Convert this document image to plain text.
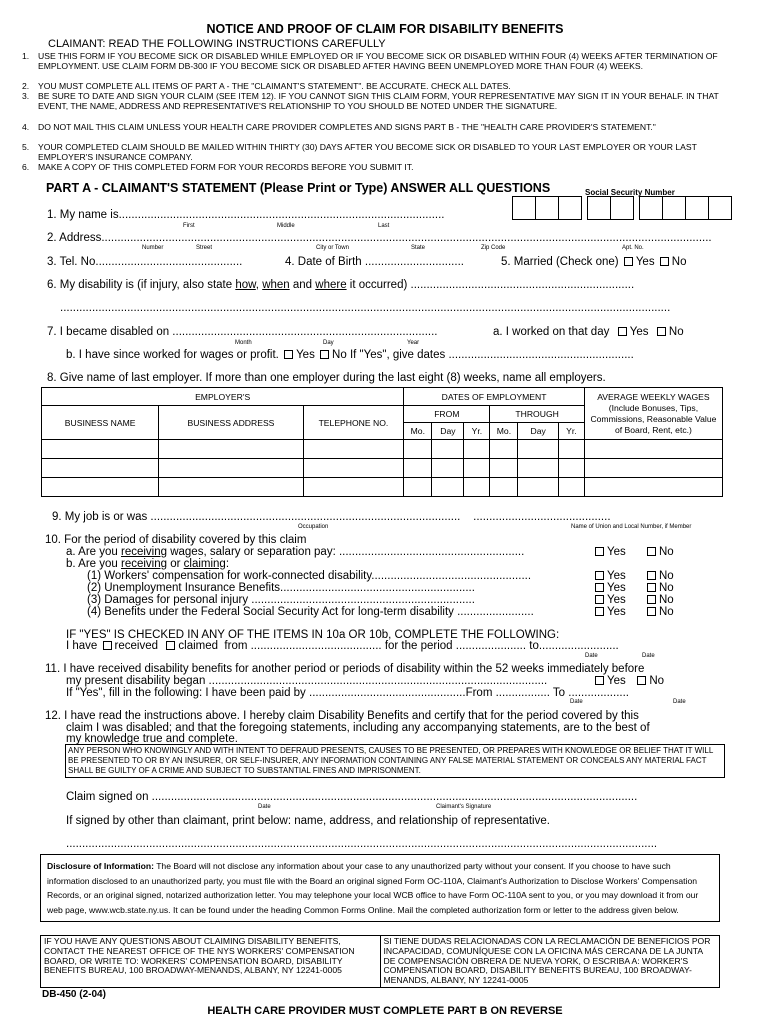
NOTICE AND PROOF OF CLAIM FOR DISABILITY BENEFITS
CLAIMANT: READ THE FOLLOWING INSTRUCTIONS CAREFULLY
1. USE THIS FORM IF YOU BECOME SICK OR DISABLED WHILE EMPLOYED OR IF YOU BECOME SICK OR DISABLED WITHIN FOUR (4) WEEKS AFTER TERMINATION OF EMPLOYMENT. USE CLAIM FORM DB-300 IF YOU BECOME SICK OR DISABLED AFTER HAVING BEEN UNEMPLOYED MORE THAN FOUR (4) WEEKS.
2. YOU MUST COMPLETE ALL ITEMS OF PART A - THE "CLAIMANT'S STATEMENT". BE ACCURATE. CHECK ALL DATES.
3. BE SURE TO DATE AND SIGN YOUR CLAIM (SEE ITEM 12). IF YOU CANNOT SIGN THIS CLAIM FORM, YOUR REPRESENTATIVE MAY SIGN IT IN YOUR BEHALF. IN THAT EVENT, THE NAME, ADDRESS AND REPRESENTATIVE'S RELATIONSHIP TO YOU SHOULD BE NOTED UNDER THE SIGNATURE.
4. DO NOT MAIL THIS CLAIM UNLESS YOUR HEALTH CARE PROVIDER COMPLETES AND SIGNS PART B - THE "HEALTH CARE PROVIDER'S STATEMENT."
5. YOUR COMPLETED CLAIM SHOULD BE MAILED WITHIN THIRTY (30) DAYS AFTER YOU BECOME SICK OR DISABLED TO YOUR LAST EMPLOYER OR YOUR LAST EMPLOYER'S INSURANCE COMPANY.
6. MAKE A COPY OF THIS COMPLETED FORM FOR YOUR RECORDS BEFORE YOU SUBMIT IT.
PART A - CLAIMANT'S STATEMENT (Please Print or Type) ANSWER ALL QUESTIONS	Social Security Number
1. My name is......................................................................................................
First	Middle	Last
2. Address...............................................................................................................................................................................................
Number	Street	City or Town	State	Zip Code	Apt. No.
3. Tel. No..............................................	4. Date of Birth ...............................	5. Married (Check one) Yes No
6. My disability is (if injury, also state how, when and where it occurred) ......................................................................
...............................................................................................................................................................................................
7. I became disabled on ...................................................................................
Month	Day	Year
a. I worked on that day Yes No
b. I have since worked for wages or profit. Yes No If "Yes", give dates ..........................................................
8. Give name of last employer. If more than one employer during the last eight (8) weeks, name all employers.
EMPLOYER'S			DATES OF EMPLOYMENT						AVERAGE WEEKLY WAGES
(Include Bonuses, Tips, Commissions, Reasonable Value of Board, Rent, etc.)
BUSINESS NAME	BUSINESS ADDRESS	TELEPHONE NO.	FROM			THROUGH			
			Mo.	Day	Yr.	Mo.	Day	Yr.	

9. My job is or was .................................................................................................    ...........................................
Occupation	Name of Union and Local Number, if Member
10. For the period of disability covered by this claim
a. Are you receiving wages, salary or separation pay: ..........................................................	Yes	No
b. Are you receiving or claiming:
(1) Workers' compensation for work-connected disability..................................................	Yes	No
(2) Unemployment Insurance Benefits.............................................................	Yes	No
(3) Damages for personal injury ......................................................................	Yes	No
(4) Benefits under the Federal Social Security Act for long-term disability ........................	Yes	No
IF "YES" IS CHECKED IN ANY OF THE ITEMS IN 10a OR 10b, COMPLETE THE FOLLOWING:
I have received claimed from ......................................... for the period ...................... to.........................
Date	Date
11. I have received disability benefits for another period or periods of disability within the 52 weeks immediately before
my present disability began ..........................................................................................................	Yes No
If "Yes", fill in the following: I have been paid by .................................................From ................. To ...................
Date	Date
12. I have read the instructions above. I hereby claim Disability Benefits and certify that for the period covered by this
claim I was disabled; and that the foregoing statements, including any accompanying statements, are to the best of
my knowledge true and complete.
ANY PERSON WHO KNOWINGLY AND WITH INTENT TO DEFRAUD PRESENTS, CAUSES TO BE PRESENTED, OR PREPARES WITH KNOWLEDGE OR BELIEF THAT IT WILL BE PRESENTED TO OR BY AN INSURER, OR SELF-INSURER, ANY INFORMATION CONTAINING ANY FALSE MATERIAL STATEMENT OR CONCEALS ANY MATERIAL FACT SHALL BE GUILTY OF A CRIME AND SUBJECT TO SUBSTANTIAL FINES AND IMPRISONMENT.
Claim signed on ........................................................................................................................................................
Date	Claimant's Signature
If signed by other than claimant, print below: name, address, and relationship of representative.
.........................................................................................................................................................................................
Disclosure of Information: The Board will not disclose any information about your case to any unauthorized party without your consent. If you choose to have such information disclosed to an unauthorized party, you must file with the Board an original signed Form OC-110A, Claimant's Authorization to Disclose Workers' Compensation Records, or an original signed, notarized authorization letter. You may telephone your local WCB office to have Form OC-110A sent to you, or you may download it from our web page, www.wcb.state.ny.us. It can be found under the heading Common Forms Online. Mail the completed authorization form or letter to the address given below.
IF YOU HAVE ANY QUESTIONS ABOUT CLAIMING DISABILITY BENEFITS, CONTACT THE NEAREST OFFICE OF THE NYS WORKERS' COMPENSATION BOARD, OR WRITE TO: WORKERS' COMPENSATION BOARD, DISABILITY BENEFITS BUREAU, 100 BROADWAY-MENANDS, ALBANY, NY 12241-0005
SI TIENE DUDAS RELACIONADAS CON LA RECLAMACIÓN DE BENEFICIOS POR INCAPACIDAD, COMUNÍQUESE CON LA OFICINA MÁS CERCANA DE LA JUNTA DE COMPENSACIÓN OBRERA DE NUEVA YORK, O ESCRIBA A: WORKER'S COMPENSATION BOARD, DISABILITY BENEFITS BUREAU, 100 BROADWAY- MENANDS, ALBANY, NY 12241-0005
DB-450 (2-04)
HEALTH CARE PROVIDER MUST COMPLETE PART B ON REVERSE
